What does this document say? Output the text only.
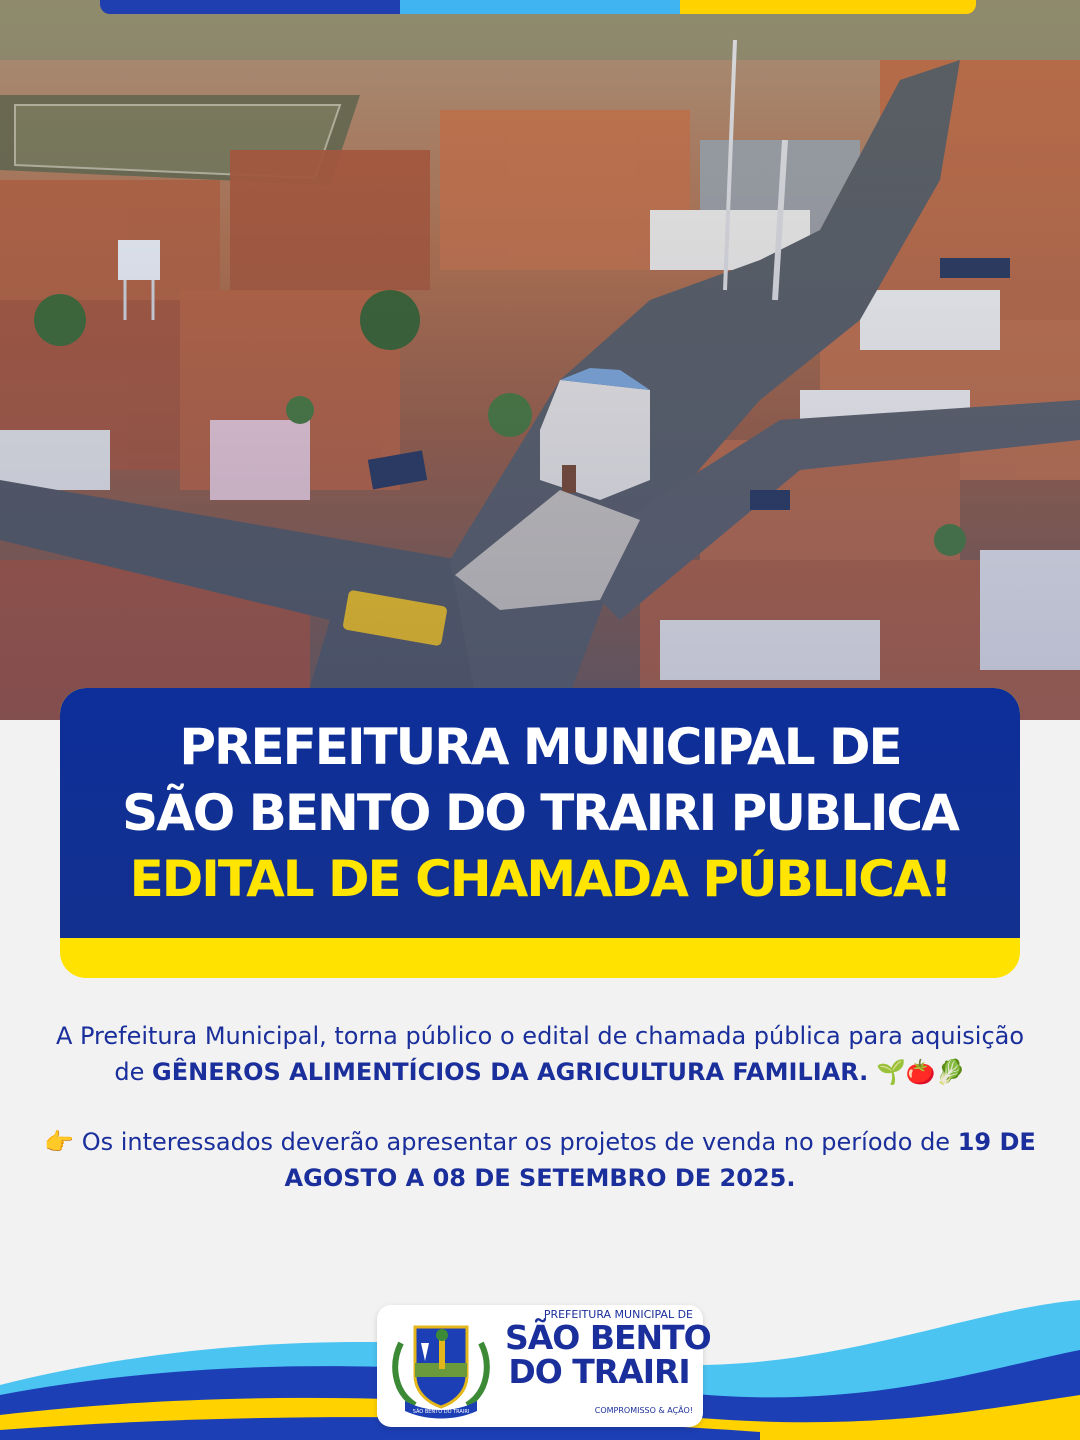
PREFEITURA MUNICIPAL DE
SÃO BENTO DO TRAIRI PUBLICA
EDITAL DE CHAMADA PÚBLICA!

A Prefeitura Municipal, torna público o edital de chamada pública para aquisição de GÊNEROS ALIMENTÍCIOS DA AGRICULTURA FAMILIAR. 🌱🍅🥬

👉 Os interessados deverão apresentar os projetos de venda no período de 19 DE AGOSTO A 08 DE SETEMBRO DE 2025.

SÃO BENTO DO TRAIRI
PREFEITURA MUNICIPAL DE
SÃO BENTO
DO TRAIRI
COMPROMISSO & AÇÃO!
